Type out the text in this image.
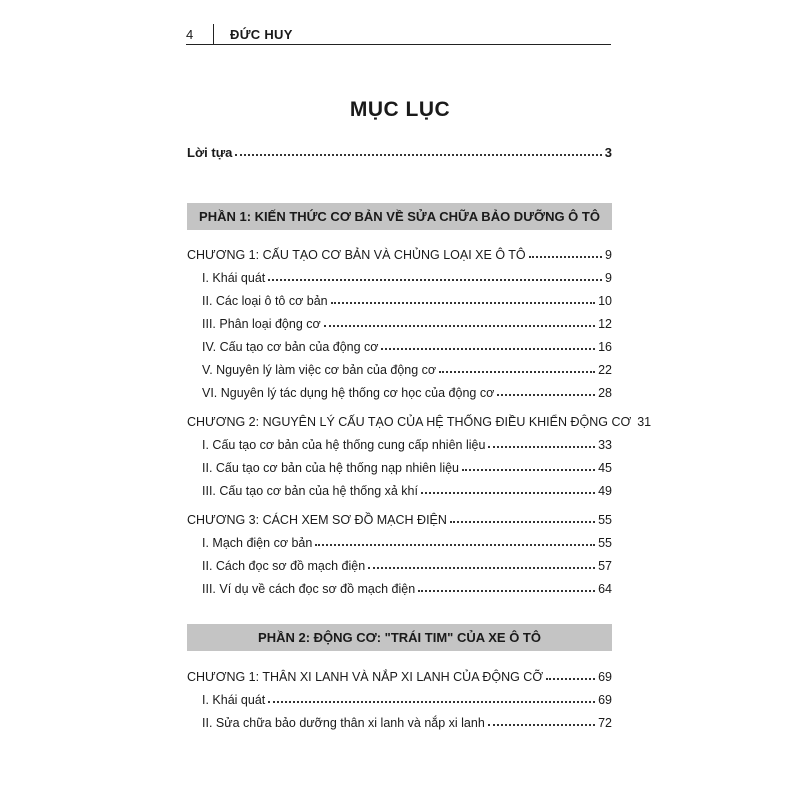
4	ĐỨC HUY
MỤC LỤC
Lời tựa	3
PHẦN 1: KIẾN THỨC CƠ BẢN VỀ SỬA CHỮA BẢO DƯỠNG Ô TÔ
CHƯƠNG 1: CẤU TẠO CƠ BẢN VÀ CHỦNG LOẠI XE Ô TÔ	9
I. Khái quát	9
II. Các loại ô tô cơ bản	10
III. Phân loại động cơ	12
IV. Cấu tạo cơ bản của động cơ	16
V. Nguyên lý làm việc cơ bản của động cơ	22
VI. Nguyên lý tác dụng hệ thống cơ học của động cơ	28
CHƯƠNG 2: NGUYÊN LÝ CẤU TẠO CỦA HỆ THỐNG ĐIỀU KHIỂN ĐỘNG CƠ 31
I. Cấu tạo cơ bản của hệ thống cung cấp nhiên liệu	33
II. Cấu tạo cơ bản của hệ thống nạp nhiên liệu	45
III. Cấu tạo cơ bản của hệ thống xả khí	49
CHƯƠNG 3: CÁCH XEM SƠ ĐỒ MẠCH ĐIỆN	55
I. Mạch điện cơ bản	55
II. Cách đọc sơ đồ mạch điện	57
III. Ví dụ về cách đọc sơ đồ mạch điện	64
PHẦN 2: ĐỘNG CƠ: "TRÁI TIM" CỦA XE Ô TÔ
CHƯƠNG 1: THÂN XI LANH VÀ NẮP XI LANH CỦA ĐỘNG CỠ	69
I. Khái quát	69
II. Sửa chữa bảo dưỡng thân xi lanh và nắp xi lanh	72
